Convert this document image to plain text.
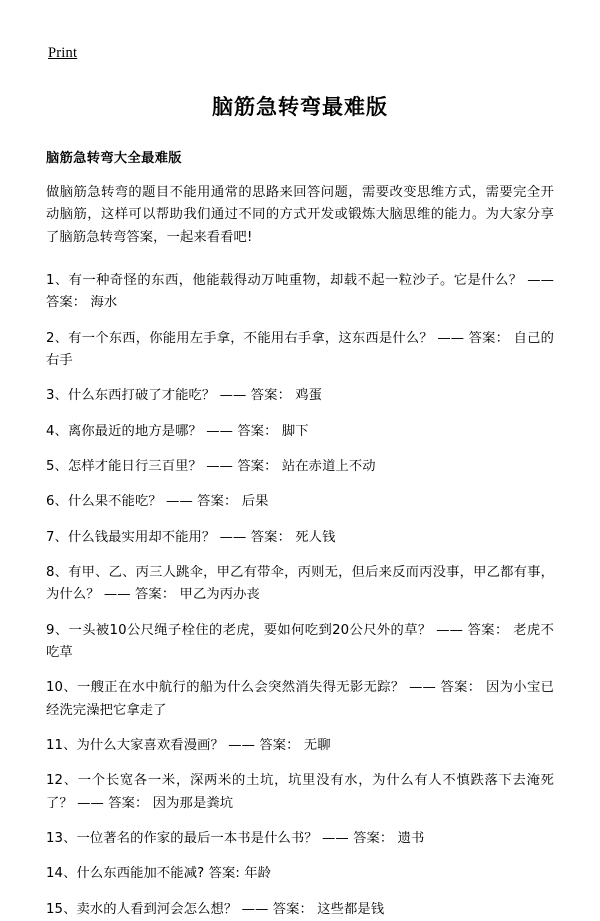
Print
脑筋急转弯最难版
脑筋急转弯大全最难版

做脑筋急转弯的题目不能用通常的思路来回答问题，需要改变思维方式，需要完全开动脑筋，这样可以帮助我们通过不同的方式开发或锻炼大脑思维的能力。为大家分享了脑筋急转弯答案，一起来看看吧!

1、有一种奇怪的东西，他能载得动万吨重物，却载不起一粒沙子。它是什么？ —— 答案： 海水
2、有一个东西，你能用左手拿，不能用右手拿，这东西是什么？ —— 答案： 自己的右手
3、什么东西打破了才能吃？ —— 答案： 鸡蛋
4、离你最近的地方是哪？ —— 答案： 脚下
5、怎样才能日行三百里？ —— 答案： 站在赤道上不动
6、什么果不能吃？ —— 答案： 后果
7、什么钱最实用却不能用？ —— 答案： 死人钱
8、有甲、乙、丙三人跳伞，甲乙有带伞，丙则无，但后来反而丙没事，甲乙都有事，为什么？ —— 答案： 甲乙为丙办丧
9、一头被10公尺绳子栓住的老虎，要如何吃到20公尺外的草？ —— 答案： 老虎不吃草
10、一艘正在水中航行的船为什么会突然消失得无影无踪？ —— 答案： 因为小宝已经洗完澡把它拿走了
11、为什么大家喜欢看漫画？ —— 答案： 无聊
12、一个长宽各一米，深两米的土坑，坑里没有水，为什么有人不慎跌落下去淹死了？ —— 答案： 因为那是粪坑
13、一位著名的作家的最后一本书是什么书？ —— 答案： 遗书
14、什么东西能加不能减? 答案: 年龄
15、卖水的人看到河会怎么想？ —— 答案： 这些都是钱
